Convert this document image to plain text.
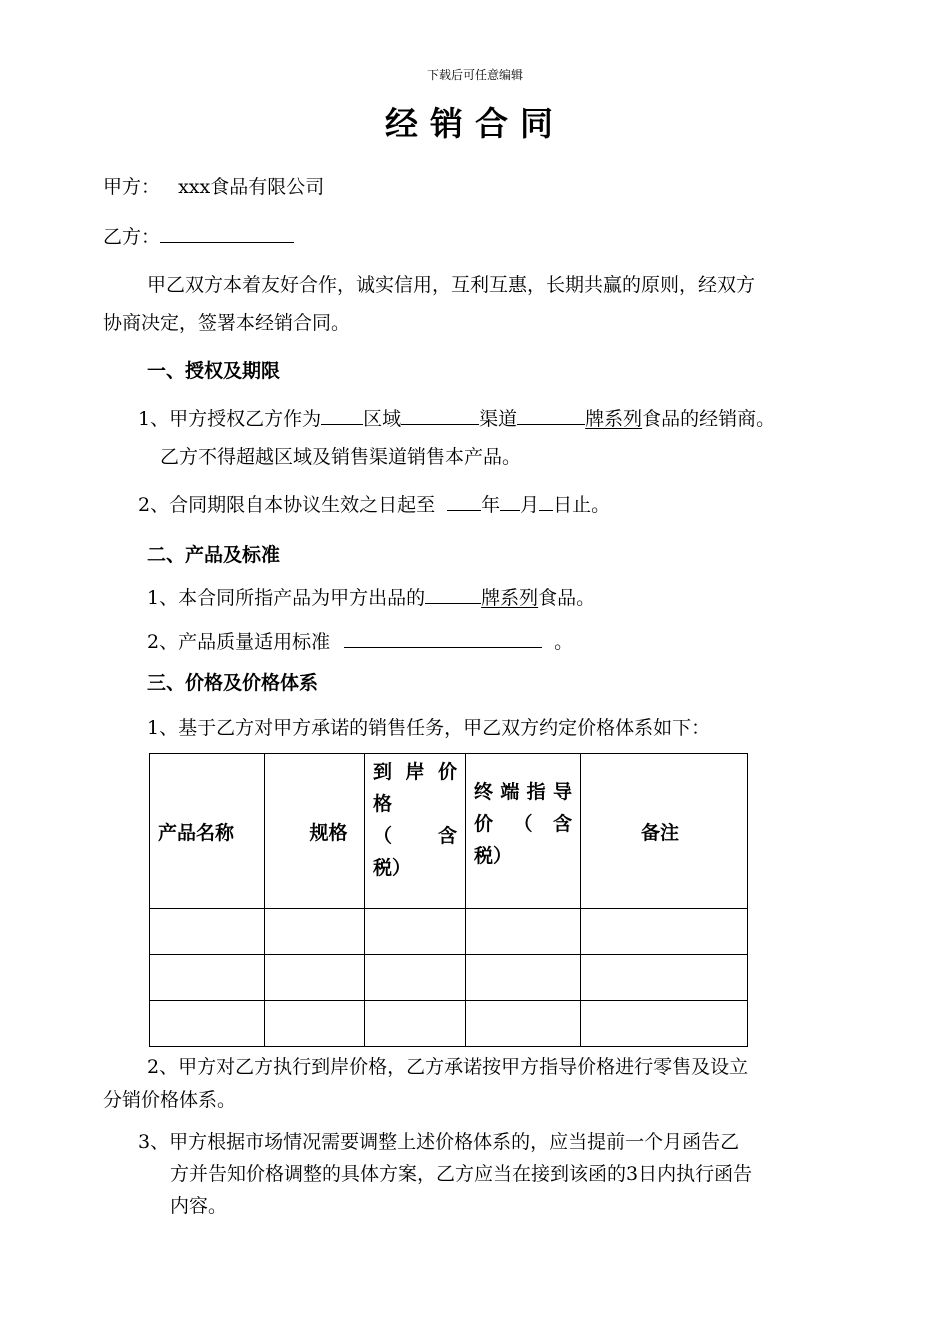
下载后可任意编辑
经销合同
甲方： xxx食品有限公司
乙方：
甲乙双方本着友好合作，诚实信用，互利互惠，长期共赢的原则，经双方
协商决定，签署本经销合同。
一、授权及期限
1、甲方授权乙方作为 区域	渠道	牌系列食品的经销商。
乙方不得超越区域及销售渠道销售本产品。
2、合同期限自本协议生效之日起至 年 月 日止。
二、产品及标准
1、本合同所指产品为甲方出品的	牌系列食品。
2、产品质量适用标准	。
三、价格及价格体系
1、基于乙方对甲方承诺的销售任务，甲乙双方约定价格体系如下：
产品名称	规格	到岸价
格
（　含
税）	终端指导
价（含
税）	备注

2、甲方对乙方执行到岸价格，乙方承诺按甲方指导价格进行零售及设立
分销价格体系。
3、甲方根据市场情况需要调整上述价格体系的，应当提前一个月函告乙
方并告知价格调整的具体方案，乙方应当在接到该函的3日内执行函告
内容。
